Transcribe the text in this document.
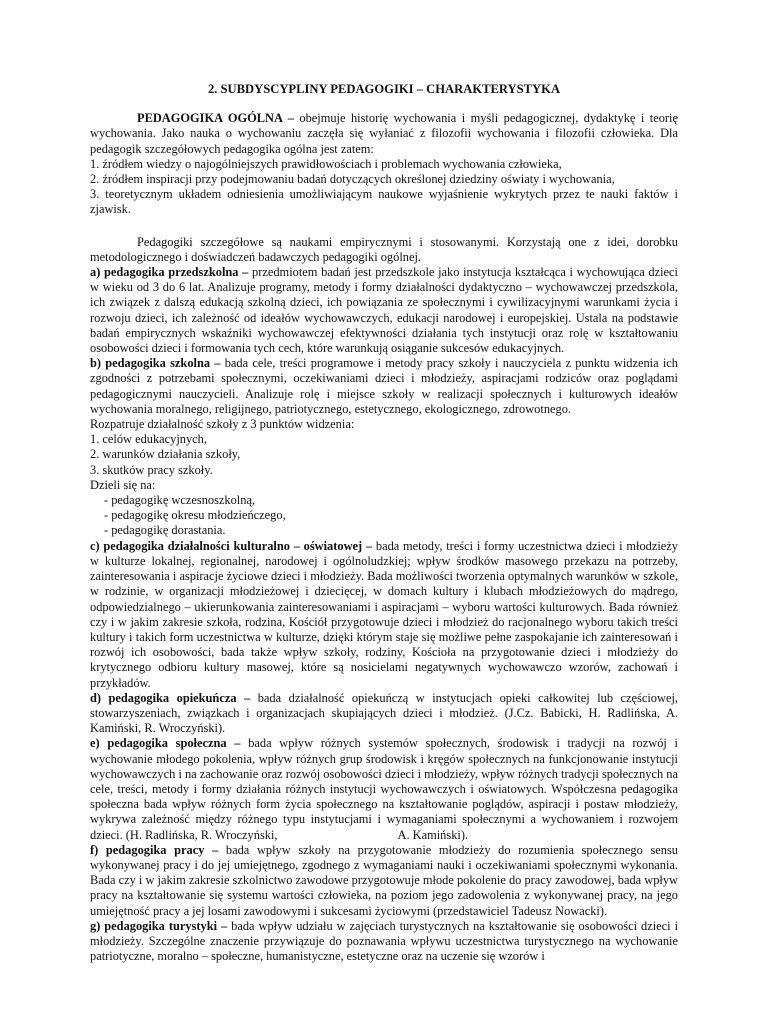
2. SUBDYSCYPLINY PEDAGOGIKI – CHARAKTERYSTYKA

PEDAGOGIKA OGÓLNA – obejmuje historię wychowania i myśli pedagogicznej, dydaktykę i teorię wychowania. Jako nauka o wychowaniu zaczęła się wyłaniać z filozofii wychowania i filozofii człowieka. Dla pedagogik szczegółowych pedagogika ogólna jest zatem:

1. źródłem wiedzy o najogólniejszych prawidłowościach i problemach wychowania człowieka,

2. źródłem inspiracji przy podejmowaniu badań dotyczących określonej dziedziny oświaty i wychowania,

3. teoretycznym układem odniesienia umożliwiającym naukowe wyjaśnienie wykrytych przez te nauki faktów i zjawisk.

Pedagogiki szczegółowe są naukami empirycznymi i stosowanymi. Korzystają one z idei, dorobku metodologicznego i doświadczeń badawczych pedagogiki ogólnej.

a) pedagogika przedszkolna – przedmiotem badań jest przedszkole jako instytucja kształcąca i wychowująca dzieci w wieku od 3 do 6 lat. Analizuje programy, metody i formy działalności dydaktyczno – wychowawczej przedszkola, ich związek z dalszą edukacją szkolną dzieci, ich powiązania ze społecznymi i cywilizacyjnymi warunkami życia i rozwoju dzieci, ich zależność od ideałów wychowawczych, edukacji narodowej i europejskiej. Ustala na podstawie badań empirycznych wskaźniki wychowawczej efektywności działania tych instytucji oraz rolę w kształtowaniu osobowości dzieci i formowania tych cech, które warunkują osiąganie sukcesów edukacyjnych.

b) pedagogika szkolna – bada cele, treści programowe i metody pracy szkoły i nauczyciela z punktu widzenia ich zgodności z potrzebami społecznymi, oczekiwaniami dzieci i młodzieży, aspiracjami rodziców oraz poglądami pedagogicznymi nauczycieli. Analizuje rolę i miejsce szkoły w realizacji społecznych i kulturowych ideałów wychowania moralnego, religijnego, patriotycznego, estetycznego, ekologicznego, zdrowotnego.

Rozpatruje działalność szkoły z 3 punktów widzenia:

1. celów edukacyjnych,

2. warunków działania szkoły,

3. skutków pracy szkoły.

Dzieli się na:

- pedagogikę wczesnoszkolną,

- pedagogikę okresu młodzieńczego,

- pedagogikę dorastania.

c) pedagogika działalności kulturalno – oświatowej – bada metody, treści i formy uczestnictwa dzieci i młodzieży w kulturze lokalnej, regionalnej, narodowej i ogólnoludzkiej; wpływ środków masowego przekazu na potrzeby, zainteresowania i aspiracje życiowe dzieci i młodzieży. Bada możliwości tworzenia optymalnych warunków w szkole, w rodzinie, w organizacji młodzieżowej i dziecięcej, w domach kultury i klubach młodzieżowych do mądrego, odpowiedzialnego – ukierunkowania zainteresowaniami i aspiracjami – wyboru wartości kulturowych. Bada również czy i w jakim zakresie szkoła, rodzina, Kościół przygotowuje dzieci i młodzież do racjonalnego wyboru takich treści kultury i takich form uczestnictwa w kulturze, dzięki którym staje się możliwe pełne zaspokajanie ich zainteresowań i rozwój ich osobowości, bada także wpływ szkoły, rodziny, Kościoła na przygotowanie dzieci i młodzieży do krytycznego odbioru kultury masowej, które są nosicielami negatywnych wychowawczo wzorów, zachowań i przykładów.

d) pedagogika opiekuńcza – bada działalność opiekuńczą w instytucjach opieki całkowitej lub częściowej, stowarzyszeniach, związkach i organizacjach skupiających dzieci i młodzież. (J.Cz. Babicki, H. Radlińska, A. Kamiński, R. Wroczyński).

e) pedagogika społeczna – bada wpływ różnych systemów społecznych, środowisk i tradycji na rozwój i wychowanie młodego pokolenia, wpływ różnych grup środowisk i kręgów społecznych na funkcjonowanie instytucji wychowawczych i na zachowanie oraz rozwój osobowości dzieci i młodzieży, wpływ różnych tradycji społecznych na cele, treści, metody i formy działania różnych instytucji wychowawczych i oświatowych. Współczesna pedagogika społeczna bada wpływ różnych form życia społecznego na kształtowanie poglądów, aspiracji i postaw młodzieży, wykrywa zależność między różnego typu instytucjami i wymaganiami społecznymi a wychowaniem i rozwojem dzieci. (H. Radlińska, R. Wroczyński,	A. Kamiński).

f) pedagogika pracy – bada wpływ szkoły na przygotowanie młodzieży do rozumienia społecznego sensu wykonywanej pracy i do jej umiejętnego, zgodnego z wymaganiami nauki i oczekiwaniami społecznymi wykonania. Bada czy i w jakim zakresie szkolnictwo zawodowe przygotowuje młode pokolenie do pracy zawodowej, bada wpływ pracy na kształtowanie się systemu wartości człowieka, na poziom jego zadowolenia z wykonywanej pracy, na jego umiejętność pracy a jej losami zawodowymi i sukcesami życiowymi (przedstawiciel Tadeusz Nowacki).

g) pedagogika turystyki – bada wpływ udziału w zajęciach turystycznych na kształtowanie się osobowości dzieci i młodzieży. Szczególne znaczenie przywiązuje do poznawania wpływu uczestnictwa turystycznego na wychowanie patriotyczne, moralno – społeczne, humanistyczne, estetyczne oraz na uczenie się wzorów i
